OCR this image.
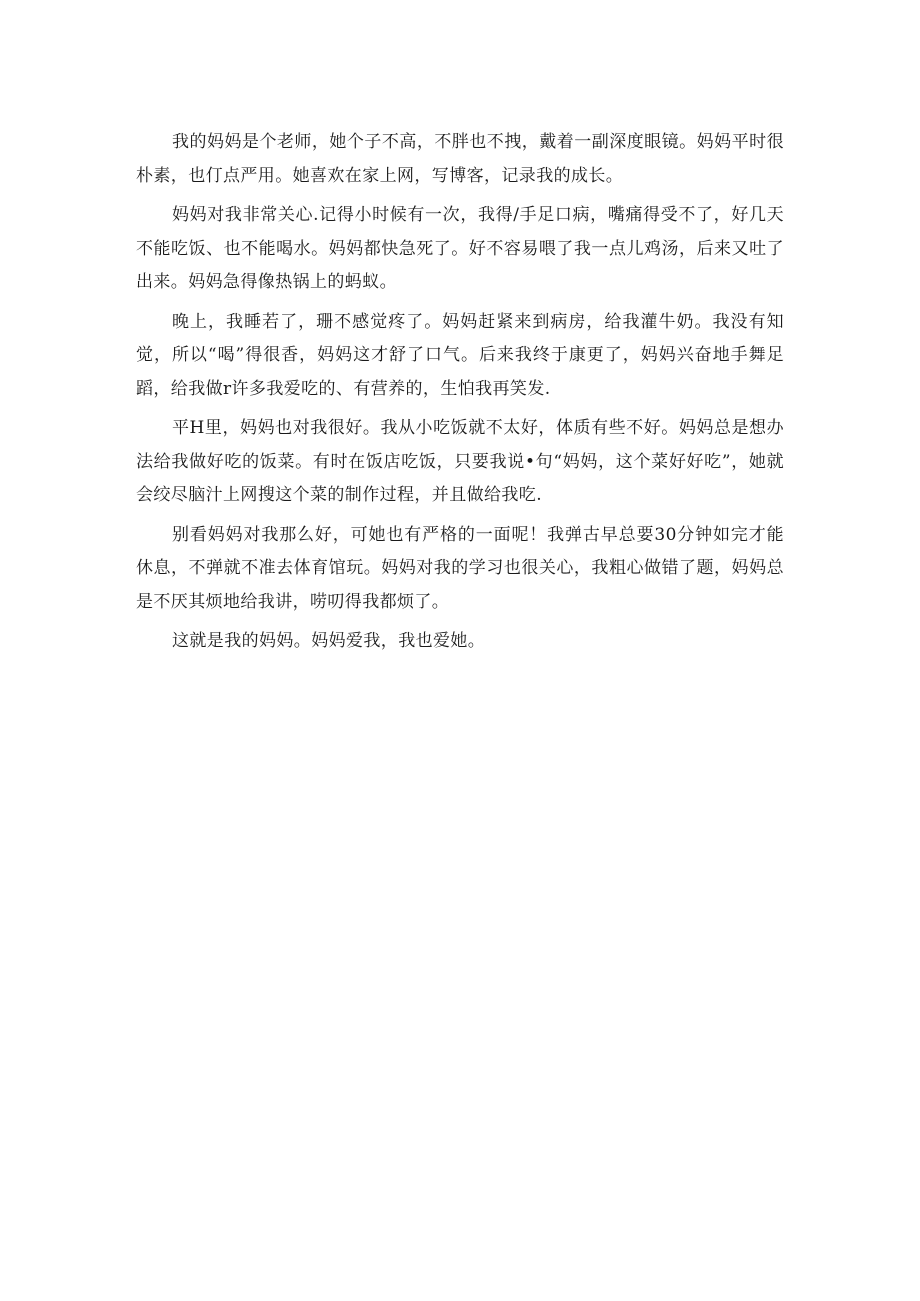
我的妈妈是个老师，她个子不高，不胖也不拽，戴着一副深度眼镜。妈妈平时很朴素，也仃点严用。她喜欢在家上网，写博客，记录我的成长。

妈妈对我非常关心.记得小时候有一次，我得/手足口病，嘴痛得受不了，好几天不能吃饭、也不能喝水。妈妈都快急死了。好不容易喂了我一点儿鸡汤，后来又吐了出来。妈妈急得像热锅上的蚂蚁。

晚上，我睡若了，珊不感觉疼了。妈妈赶紧来到病房，给我灌牛奶。我没有知觉，所以“喝”得很香，妈妈这才舒了口气。后来我终于康更了，妈妈兴奋地手舞足蹈，给我做r许多我爱吃的、有营养的，生怕我再笑发.

平H里，妈妈也对我很好。我从小吃饭就不太好，体质有些不好。妈妈总是想办法给我做好吃的饭菜。有时在饭店吃饭，只要我说•句“妈妈，这个菜好好吃”，她就会绞尽脑汁上网搜这个菜的制作过程，并且做给我吃.

别看妈妈对我那么好，可她也有严格的一面呢！我弹古早总要30分钟如完才能休息，不弹就不准去体育馆玩。妈妈对我的学习也很关心，我粗心做错了题，妈妈总是不厌其烦地给我讲，唠叨得我都烦了。

这就是我的妈妈。妈妈爱我，我也爱她。
